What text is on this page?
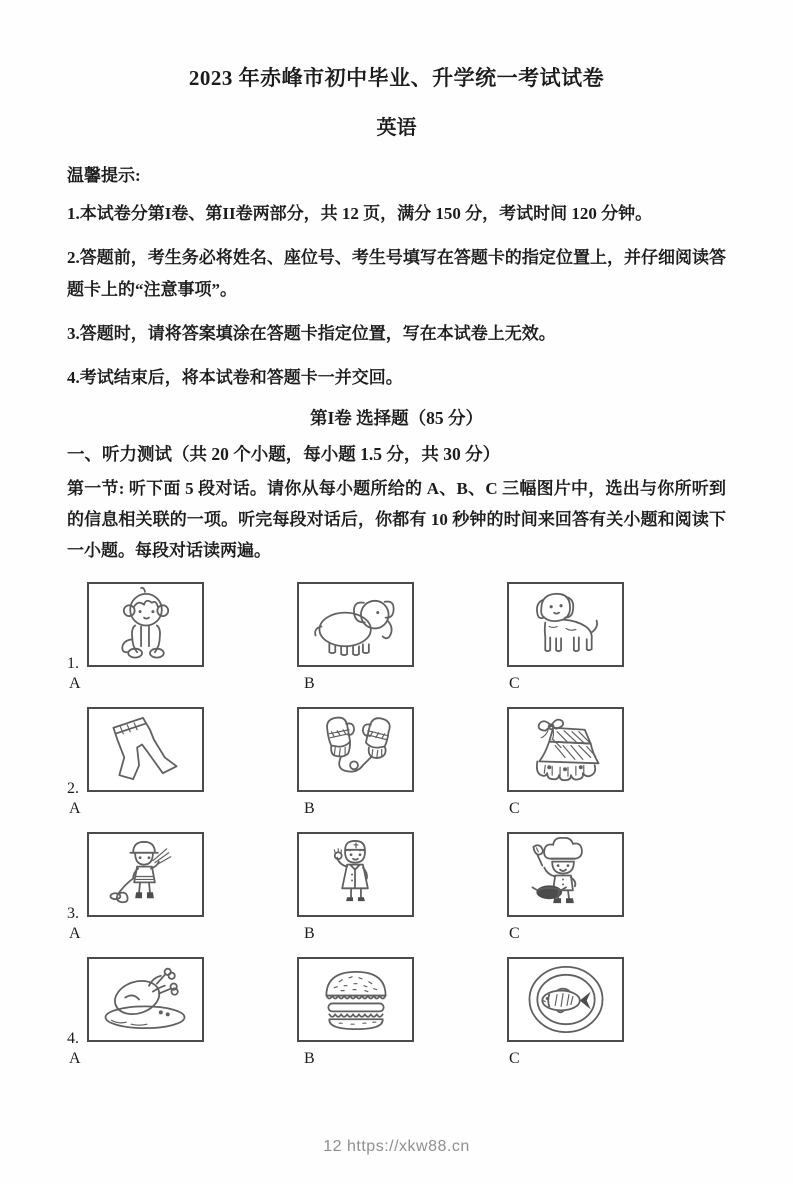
2023 年赤峰市初中毕业、升学统一考试试卷
英语
温馨提示:

1.本试卷分第I卷、第II卷两部分，共 12 页，满分 150 分，考试时间 120 分钟。

2.答题前，考生务必将姓名、座位号、考生号填写在答题卡的指定位置上，并仔细阅读答题卡上的“注意事项”。

3.答题时，请将答案填涂在答题卡指定位置，写在本试卷上无效。

4.考试结束后，将本试卷和答题卡一并交回。

第I卷 选择题（85 分）
一、听力测试（共 20 个小题，每小题 1.5 分，共 30 分）

第一节: 听下面 5 段对话。请你从每小题所给的 A、B、C 三幅图片中，选出与你所听到的信息相关联的一项。听完每段对话后，你都有 10 秒钟的时间来回答有关小题和阅读下一小题。每段对话读两遍。

1.
A	B	C
2.
A	B	C
3.
A	B	C
4.
A	B	C
12 https://xkw88.cn
